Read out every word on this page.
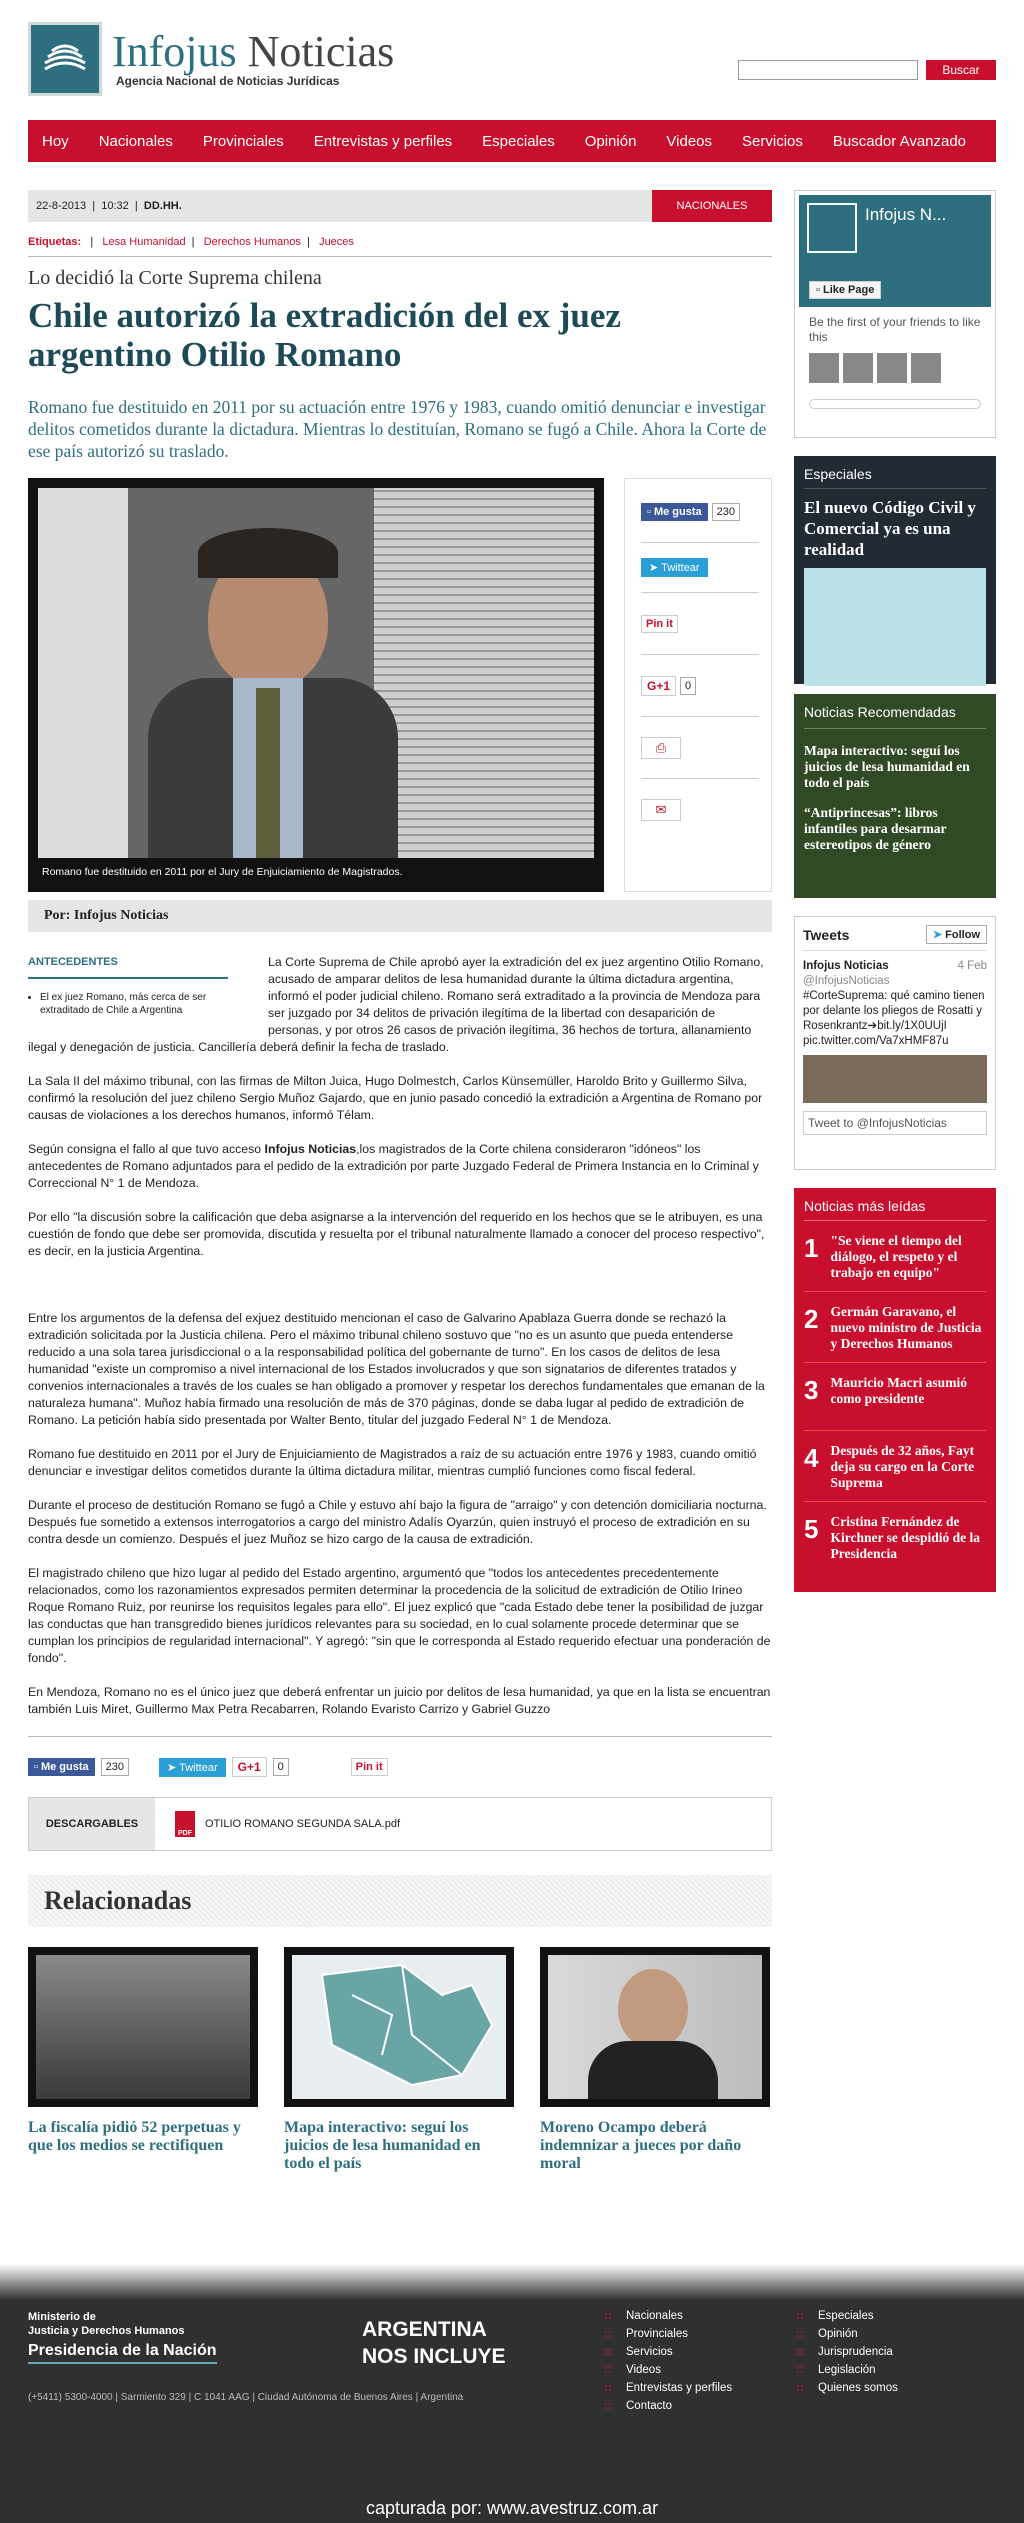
Infojus Noticias
Agencia Nacional de Noticias Jurídicas
Buscar
Hoy Nacionales Provinciales Entrevistas y perfiles Especiales Opinión Videos Servicios Buscador Avanzado
22-8-2013 | 10:32 | DD.HH.	NACIONALES
Etiquetas:   |   Lesa Humanidad  |   Derechos Humanos  |   Jueces
Lo decidió la Corte Suprema chilena
Chile autorizó la extradición del ex juez argentino Otilio Romano
Romano fue destituido en 2011 por su actuación entre 1976 y 1983, cuando omitió denunciar e investigar delitos cometidos durante la dictadura. Mientras lo destituían, Romano se fugó a Chile. Ahora la Corte de ese país autorizó su traslado.
Romano fue destituido en 2011 por el Jury de Enjuiciamiento de Magistrados.
▫ Me gusta	230
➤ Twittear
Pin it
G+1	0
⎙
✉
Por: Infojus Noticias
ANTECEDENTES
• El ex juez Romano, más cerca de ser extraditado de Chile a Argentina

La Corte Suprema de Chile aprobó ayer la extradición del ex juez argentino Otilio Romano, acusado de amparar delitos de lesa humanidad durante la última dictadura argentina, informó el poder judicial chileno. Romano será extraditado a la provincia de Mendoza para ser juzgado por 34 delitos de privación ilegítima de la libertad con desaparición de personas, y por otros 26 casos de privación ilegítima, 36 hechos de tortura, allanamiento ilegal y denegación de justicia. Cancillería deberá definir la fecha de traslado.

La Sala II del máximo tribunal, con las firmas de Milton Juica, Hugo Dolmestch, Carlos Künsemüller, Haroldo Brito y Guillermo Silva, confirmó la resolución del juez chileno Sergio Muñoz Gajardo, que en junio pasado concedió la extradición a Argentina de Romano por causas de violaciones a los derechos humanos, informó Télam.

Según consigna el fallo al que tuvo acceso Infojus Noticias,los magistrados de la Corte chilena consideraron "idóneos" los antecedentes de Romano adjuntados para el pedido de la extradición por parte Juzgado Federal de Primera Instancia en lo Criminal y Correccional N° 1 de Mendoza.

Por ello "la discusión sobre la calificación que deba asignarse a la intervención del requerido en los hechos que se le atribuyen, es una cuestión de fondo que debe ser promovida, discutida y resuelta por el tribunal naturalmente llamado a conocer del proceso respectivo", es decir, en la justicia Argentina.

Entre los argumentos de la defensa del exjuez destituido mencionan el caso de Galvarino Apablaza Guerra donde se rechazó la extradición solicitada por la Justicia chilena. Pero el máximo tribunal chileno sostuvo que "no es un asunto que pueda entenderse reducido a una sola tarea jurisdiccional o a la responsabilidad política del gobernante de turno". En los casos de delitos de lesa humanidad "existe un compromiso a nivel internacional de los Estados involucrados y que son signatarios de diferentes tratados y convenios internacionales a través de los cuales se han obligado a promover y respetar los derechos fundamentales que emanan de la naturaleza humana". Muñoz había firmado una resolución de más de 370 páginas, donde se daba lugar al pedido de extradición de Romano. La petición había sido presentada por Walter Bento, titular del juzgado Federal N° 1 de Mendoza.

Romano fue destituido en 2011 por el Jury de Enjuiciamiento de Magistrados a raíz de su actuación entre 1976 y 1983, cuando omitió denunciar e investigar delitos cometidos durante la última dictadura militar, mientras cumplió funciones como fiscal federal.

Durante el proceso de destitución Romano se fugó a Chile y estuvo ahí bajo la figura de "arraigo" y con detención domiciliaria nocturna. Después fue sometido a extensos interrogatorios a cargo del ministro Adalís Oyarzún, quien instruyó el proceso de extradición en su contra desde un comienzo. Después el juez Muñoz se hizo cargo de la causa de extradición.

El magistrado chileno que hizo lugar al pedido del Estado argentino, argumentó que "todos los antecedentes precedentemente relacionados, como los razonamientos expresados permiten determinar la procedencia de la solicitud de extradición de Otilio Irineo Roque Romano Ruiz, por reunirse los requisitos legales para ello". El juez explicó que "cada Estado debe tener la posibilidad de juzgar las conductas que han transgredido bienes jurídicos relevantes para su sociedad, en lo cual solamente procede determinar que se cumplan los principios de regularidad internacional". Y agregó: "sin que le corresponda al Estado requerido efectuar una ponderación de fondo".

En Mendoza, Romano no es el único juez que deberá enfrentar un juicio por delitos de lesa humanidad, ya que en la lista se encuentran también Luis Miret, Guillermo Max Petra Recabarren, Rolando Evaristo Carrizo y Gabriel Guzzo

▫ Me gusta	230	➤ Twittear	G+1	0	Pin it
DESCARGABLES
PDF
OTILIO ROMANO SEGUNDA SALA.pdf
Relacionadas
La fiscalía pidió 52 perpetuas y que los medios se rectifiquen
Mapa interactivo: seguí los juicios de lesa humanidad en todo el país
Moreno Ocampo deberá indemnizar a jueces por daño moral
Infojus N...
▫ Like Page
Be the first of your friends to like this
Especiales
El nuevo Código Civil y Comercial ya es una realidad
Noticias Recomendadas
Mapa interactivo: seguí los juicios de lesa humanidad en todo el país
“Antiprincesas”: libros infantiles para desarmar estereotipos de género
Tweets	➤ Follow
Infojus Noticias	4 Feb
@InfojusNoticias
#CorteSuprema: qué camino tienen por delante los pliegos de Rosatti y Rosenkrantz➔bit.ly/1X0UUjI pic.twitter.com/Va7xHMF87u
Tweet to @InfojusNoticias
Noticias más leídas
1 "Se viene el tiempo del diálogo, el respeto y el trabajo en equipo"
2 Germán Garavano, el nuevo ministro de Justicia y Derechos Humanos
3 Mauricio Macri asumió como presidente
4 Después de 32 años, Fayt deja su cargo en la Corte Suprema
5 Cristina Fernández de Kirchner se despidió de la Presidencia
Ministerio de
Justicia y Derechos Humanos
Presidencia de la Nación
ARGENTINA
NOS INCLUYE
(+5411) 5300-4000 | Sarmiento 329 | C 1041 AAG | Ciudad Autónoma de Buenos Aires | Argentina
:: Nacionales
:: Provinciales
:: Servicios
:: Videos
:: Entrevistas y perfiles
:: Contacto
:: Especiales
:: Opinión
:: Jurisprudencia
:: Legislación
:: Quienes somos
capturada por: www.avestruz.com.ar
